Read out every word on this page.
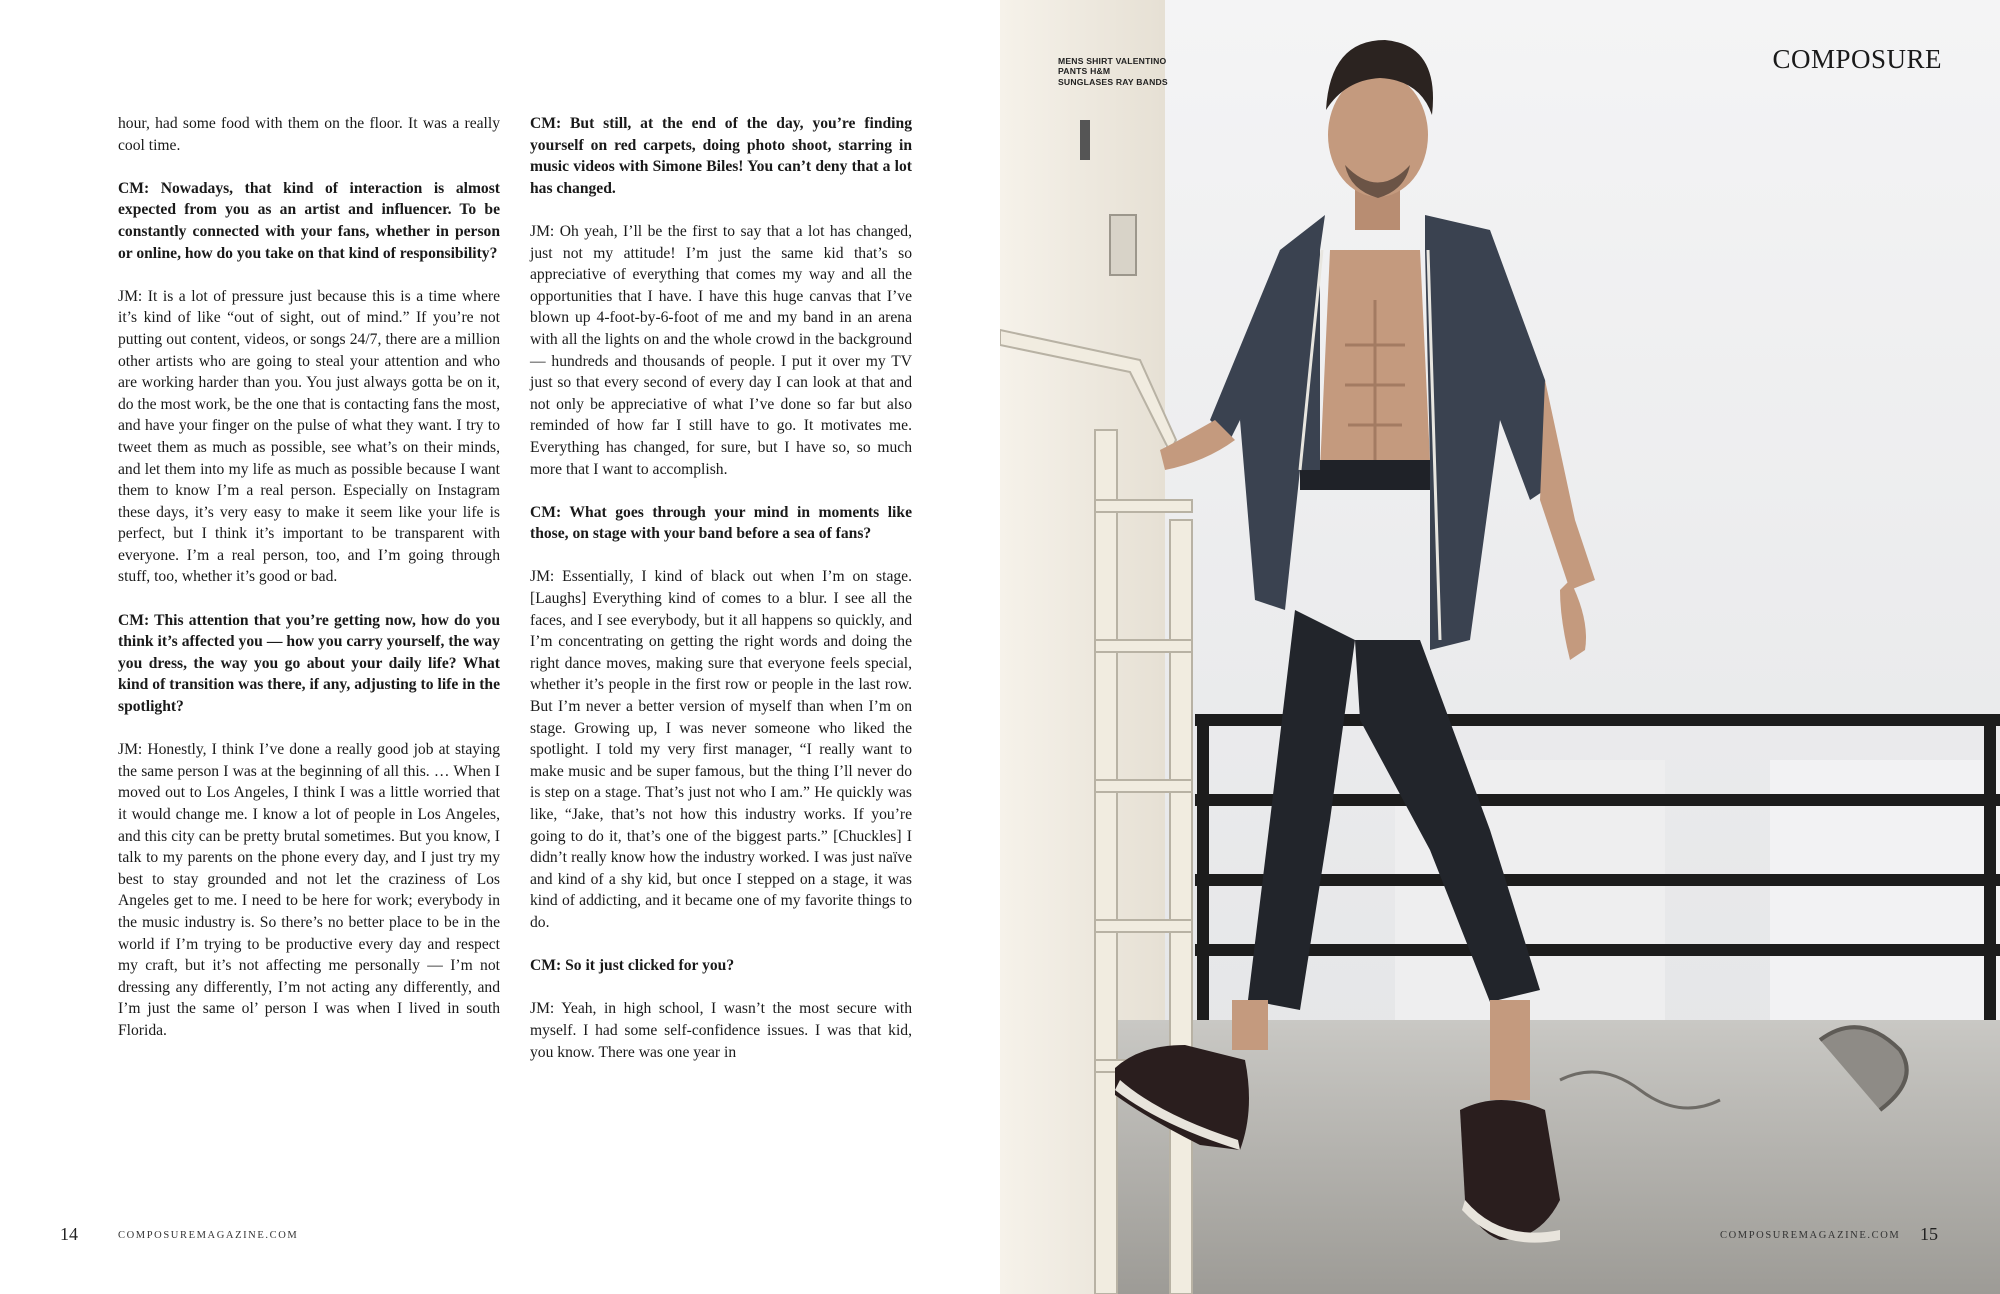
hour, had some food with them on the floor. It was a really cool time.

CM: Nowadays, that kind of interaction is almost expected from you as an artist and influencer. To be constantly connected with your fans, whether in person or online, how do you take on that kind of responsibility?

JM: It is a lot of pressure just because this is a time where it’s kind of like “out of sight, out of mind.” If you’re not putting out content, videos, or songs 24/7, there are a million other artists who are going to steal your attention and who are working harder than you. You just always gotta be on it, do the most work, be the one that is contacting fans the most, and have your finger on the pulse of what they want. I try to tweet them as much as possible, see what’s on their minds, and let them into my life as much as possible because I want them to know I’m a real person. Especially on Instagram these days, it’s very easy to make it seem like your life is perfect, but I think it’s important to be transparent with everyone. I’m a real person, too, and I’m going through stuff, too, whether it’s good or bad.

CM: This attention that you’re getting now, how do you think it’s affected you — how you carry yourself, the way you dress, the way you go about your daily life? What kind of transition was there, if any, adjusting to life in the spotlight?

JM: Honestly, I think I’ve done a really good job at staying the same person I was at the beginning of all this. … When I moved out to Los Angeles, I think I was a little worried that it would change me. I know a lot of people in Los Angeles, and this city can be pretty brutal sometimes. But you know, I talk to my parents on the phone every day, and I just try my best to stay grounded and not let the craziness of Los Angeles get to me. I need to be here for work; everybody in the music industry is. So there’s no better place to be in the world if I’m trying to be productive every day and respect my craft, but it’s not affecting me personally — I’m not dressing any differently, I’m not acting any differently, and I’m just the same ol’ person I was when I lived in south Florida.

CM: But still, at the end of the day, you’re finding yourself on red carpets, doing photo shoot, starring in music videos with Simone Biles! You can’t deny that a lot has changed.

JM: Oh yeah, I’ll be the first to say that a lot has changed, just not my attitude! I’m just the same kid that’s so appreciative of everything that comes my way and all the opportunities that I have. I have this huge canvas that I’ve blown up 4-foot-by-6-foot of me and my band in an arena with all the lights on and the whole crowd in the background — hundreds and thousands of people. I put it over my TV just so that every second of every day I can look at that and not only be appreciative of what I’ve done so far but also reminded of how far I still have to go. It motivates me. Everything has changed, for sure, but I have so, so much more that I want to accomplish.

CM: What goes through your mind in moments like those, on stage with your band before a sea of fans?

JM: Essentially, I kind of black out when I’m on stage. [Laughs] Everything kind of comes to a blur. I see all the faces, and I see everybody, but it all happens so quickly, and I’m concentrating on getting the right words and doing the right dance moves, making sure that everyone feels special, whether it’s people in the first row or people in the last row. But I’m never a better version of myself than when I’m on stage. Growing up, I was never someone who liked the spotlight. I told my very first manager, “I really want to make music and be super famous, but the thing I’ll never do is step on a stage. That’s just not who I am.” He quickly was like, “Jake, that’s not how this industry works. If you’re going to do it, that’s one of the biggest parts.” [Chuckles] I didn’t really know how the industry worked. I was just naïve and kind of a shy kid, but once I stepped on a stage, it was kind of addicting, and it became one of my favorite things to do.

CM: So it just clicked for you?

JM: Yeah, in high school, I wasn’t the most secure with myself. I had some self-confidence issues. I was that kid, you know. There was one year in

14	COMPOSUREMAGAZINE.COM
MENS SHIRT VALENTINO
PANTS H&M
SUNGLASES RAY BANDS
COMPOSURE
COMPOSUREMAGAZINE.COM 15
